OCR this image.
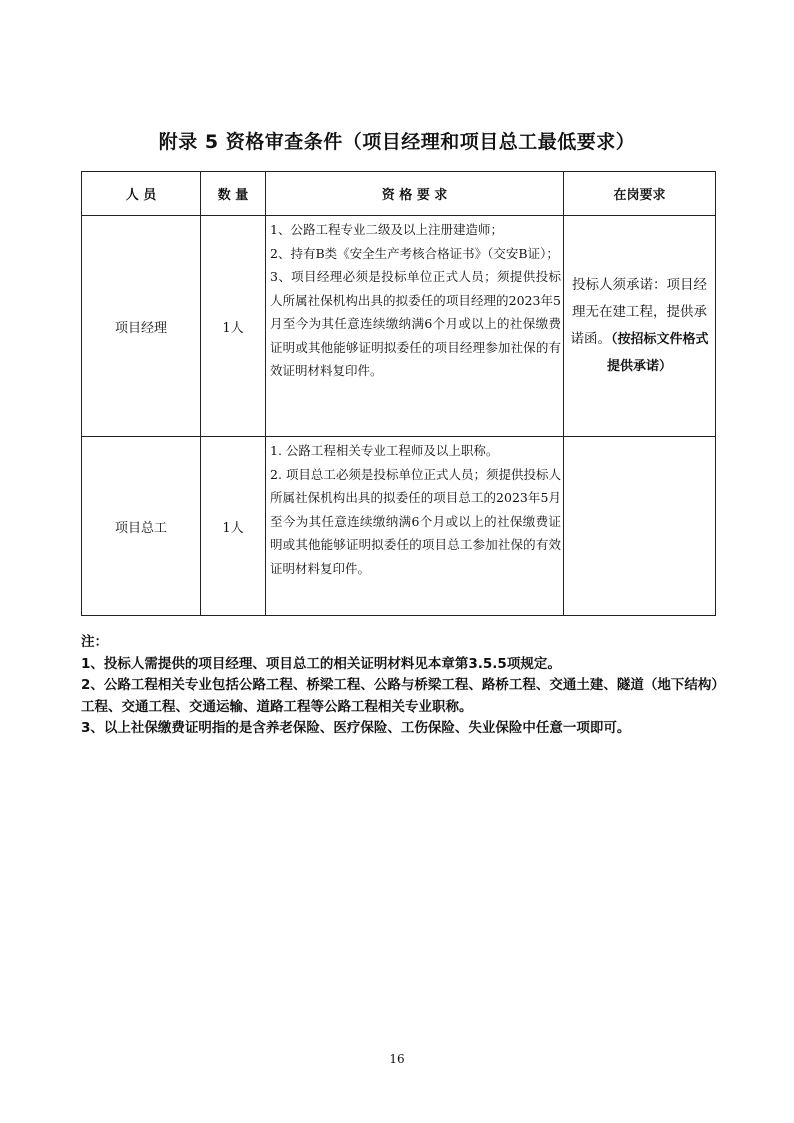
附录 5 资格审查条件（项目经理和项目总工最低要求）
人 员	数 量	资 格 要 求	在岗要求
项目经理	1人	1、公路工程专业二级及以上注册建造师；
2、持有B类《安全生产考核合格证书》（交安B证）；
3、项目经理必须是投标单位正式人员；须提供投标人所属社保机构出具的拟委任的项目经理的2023年5月至今为其任意连续缴纳满6个月或以上的社保缴费证明或其他能够证明拟委任的项目经理参加社保的有效证明材料复印件。	投标人须承诺：项目经理无在建工程，提供承诺函。（按招标文件格式提供承诺）
项目总工	1人	1. 公路工程相关专业工程师及以上职称。
2. 项目总工必须是投标单位正式人员；须提供投标人所属社保机构出具的拟委任的项目总工的2023年5月至今为其任意连续缴纳满6个月或以上的社保缴费证明或其他能够证明拟委任的项目总工参加社保的有效证明材料复印件。	

注：
1、投标人需提供的项目经理、项目总工的相关证明材料见本章第3.5.5项规定。
2、公路工程相关专业包括公路工程、桥梁工程、公路与桥梁工程、路桥工程、交通土建、隧道（地下结构）工程、交通工程、交通运输、道路工程等公路工程相关专业职称。
3、以上社保缴费证明指的是含养老保险、医疗保险、工伤保险、失业保险中任意一项即可。
16
